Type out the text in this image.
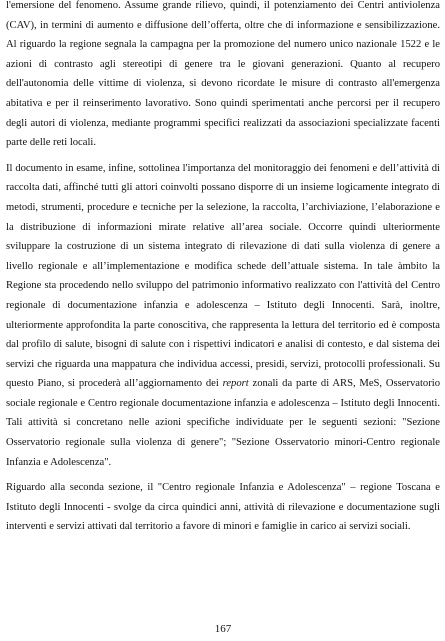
l'emersione del fenomeno. Assume grande rilievo, quindi, il potenziamento dei Centri antiviolenza (CAV), in termini di aumento e diffusione dell’offerta, oltre che di informazione e sensibilizzazione. Al riguardo la regione segnala la campagna per la promozione del numero unico nazionale 1522 e le azioni di contrasto agli stereotipi di genere tra le giovani generazioni. Quanto al recupero dell'autonomia delle vittime di violenza, si devono ricordate le misure di contrasto all'emergenza abitativa e per il reinserimento lavorativo. Sono quindi sperimentati anche percorsi per il recupero degli autori di violenza, mediante programmi specifici realizzati da associazioni specializzate facenti parte delle reti locali.

Il documento in esame, infine, sottolinea l'importanza del monitoraggio dei fenomeni e dell’attività di raccolta dati, affinché tutti gli attori coinvolti possano disporre di un insieme logicamente integrato di metodi, strumenti, procedure e tecniche per la selezione, la raccolta, l’archiviazione, l’elaborazione e la distribuzione di informazioni mirate relative all’area sociale. Occorre quindi ulteriormente sviluppare la costruzione di un sistema integrato di rilevazione di dati sulla violenza di genere a livello regionale e all’implementazione e modifica schede dell’attuale sistema. In tale àmbito la Regione sta procedendo nello sviluppo del patrimonio informativo realizzato con l'attività del Centro regionale di documentazione infanzia e adolescenza – Istituto degli Innocenti. Sarà, inoltre, ulteriormente approfondita la parte conoscitiva, che rappresenta la lettura del territorio ed è composta dal profilo di salute, bisogni di salute con i rispettivi indicatori e analisi di contesto, e dal sistema dei servizi che riguarda una mappatura che individua accessi, presidi, servizi, protocolli professionali. Su questo Piano, si procederà all’aggiornamento dei report zonali da parte di ARS, MeS, Osservatorio sociale regionale e Centro regionale documentazione infanzia e adolescenza – Istituto degli Innocenti. Tali attività si concretano nelle azioni specifiche individuate per le seguenti sezioni: "Sezione Osservatorio regionale sulla violenza di genere"; "Sezione Osservatorio minori-Centro regionale Infanzia e Adolescenza".

Riguardo alla seconda sezione, il "Centro regionale Infanzia e Adolescenza" – regione Toscana e Istituto degli Innocenti - svolge da circa quindici anni, attività di rilevazione e documentazione sugli interventi e servizi attivati dal territorio a favore di minori e famiglie in carico ai servizi sociali.

167
